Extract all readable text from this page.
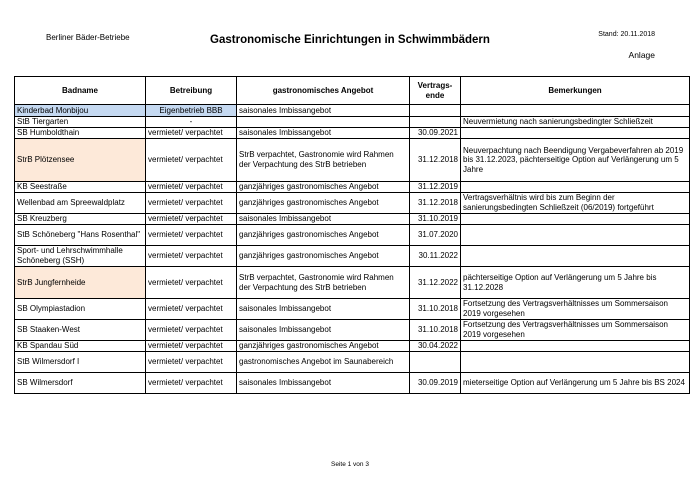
Berliner Bäder-Betriebe	Gastronomische Einrichtungen in Schwimmbädern	Stand: 20.11.2018
Anlage
Badname	Betreibung	gastronomisches Angebot	Vertrags-ende	Bemerkungen
Kinderbad Monbijou	Eigenbetrieb BBB	saisonales Imbissangebot		
StB Tiergarten	-			Neuvermietung nach sanierungsbedingter Schließzeit
SB Humboldthain	vermietet/ verpachtet	saisonales Imbissangebot	30.09.2021	
StrB Plötzensee	vermietet/ verpachtet	StrB verpachtet, Gastronomie wird Rahmen der Verpachtung des StrB betrieben	31.12.2018	Neuverpachtung nach Beendigung Vergabeverfahren ab 2019 bis 31.12.2023, pächterseitige Option auf Verlängerung um 5 Jahre
KB Seestraße	vermietet/ verpachtet	ganzjähriges gastronomisches Angebot	31.12.2019	
Wellenbad am Spreewaldplatz	vermietet/ verpachtet	ganzjähriges gastronomisches Angebot	31.12.2018	Vertragsverhältnis wird bis zum Beginn der sanierungsbedingten Schließzeit (06/2019) fortgeführt
SB Kreuzberg	vermietet/ verpachtet	saisonales Imbissangebot	31.10.2019	
StB Schöneberg "Hans Rosenthal"	vermietet/ verpachtet	ganzjähriges gastronomisches Angebot	31.07.2020	
Sport- und Lehrschwimmhalle Schöneberg (SSH)	vermietet/ verpachtet	ganzjähriges gastronomisches Angebot	30.11.2022	
StrB Jungfernheide	vermietet/ verpachtet	StrB verpachtet, Gastronomie wird Rahmen der Verpachtung des StrB betrieben	31.12.2022	pächterseitige Option auf Verlängerung um 5 Jahre bis 31.12.2028
SB Olympiastadion	vermietet/ verpachtet	saisonales Imbissangebot	31.10.2018	Fortsetzung des Vertragsverhältnisses um Sommersaison 2019 vorgesehen
SB Staaken-West	vermietet/ verpachtet	saisonales Imbissangebot	31.10.2018	Fortsetzung des Vertragsverhältnisses um Sommersaison 2019 vorgesehen
KB Spandau Süd	vermietet/ verpachtet	ganzjähriges gastronomisches Angebot	30.04.2022	
StB Wilmersdorf I	vermietet/ verpachtet	gastronomisches Angebot im Saunabereich		
SB Wilmersdorf	vermietet/ verpachtet	saisonales Imbissangebot	30.09.2019	mieterseitige Option auf Verlängerung um 5 Jahre bis BS 2024
Seite 1 von 3
